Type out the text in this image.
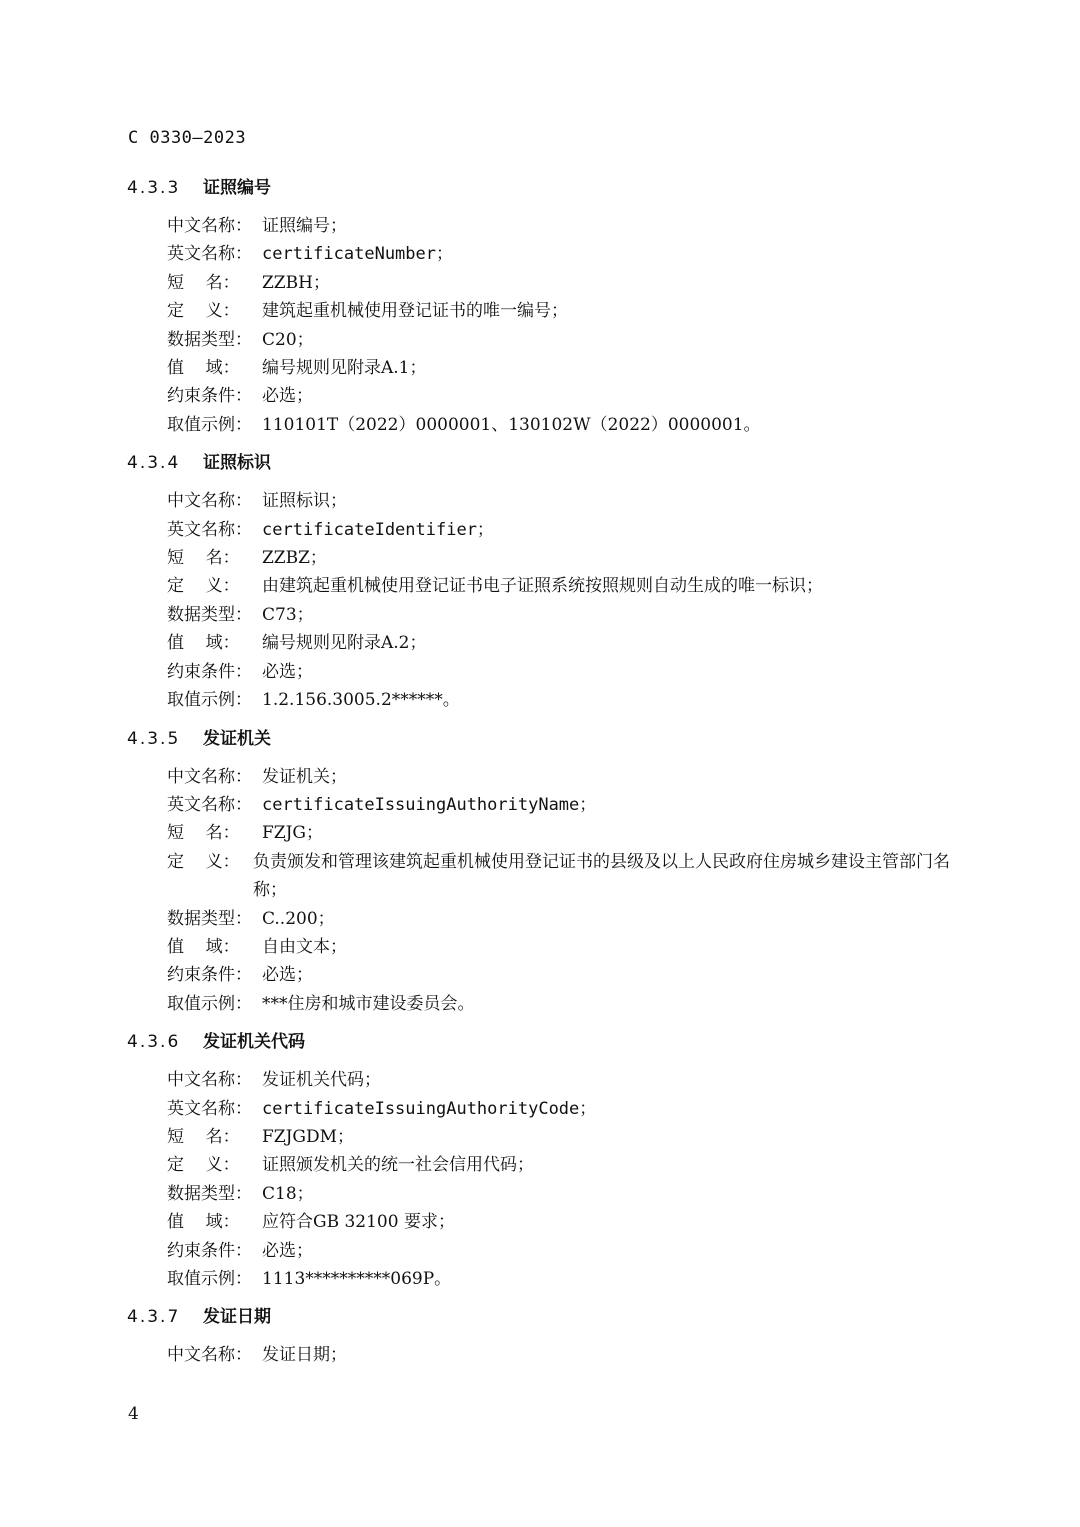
C 0330—2023
4.3.3 证照编号
中文名称： 证照编号；
英文名称： certificateNumber；
短    名：	ZZBH；
定    义：	建筑起重机械使用登记证书的唯一编号；
数据类型： C20；
值    域：	编号规则见附录A.1；
约束条件： 必选；
取值示例： 110101T（2022）0000001、130102W（2022）0000001。
4.3.4 证照标识
中文名称： 证照标识；
英文名称： certificateIdentifier；
短    名：	ZZBZ；
定    义：	由建筑起重机械使用登记证书电子证照系统按照规则自动生成的唯一标识；
数据类型： C73；
值    域：	编号规则见附录A.2；
约束条件： 必选；
取值示例： 1.2.156.3005.2******。
4.3.5 发证机关
中文名称： 发证机关；
英文名称： certificateIssuingAuthorityName；
短    名：	FZJG；
定    义： 负责颁发和管理该建筑起重机械使用登记证书的县级及以上人民政府住房城乡建设主管部门名称；
数据类型： C..200；
值    域：	自由文本；
约束条件： 必选；
取值示例： ***住房和城市建设委员会。
4.3.6 发证机关代码
中文名称： 发证机关代码；
英文名称： certificateIssuingAuthorityCode；
短    名：	FZJGDM；
定    义：	证照颁发机关的统一社会信用代码；
数据类型： C18；
值    域：	应符合GB 32100 要求；
约束条件： 必选；
取值示例： 1113**********069P。
4.3.7 发证日期
中文名称： 发证日期；
4
